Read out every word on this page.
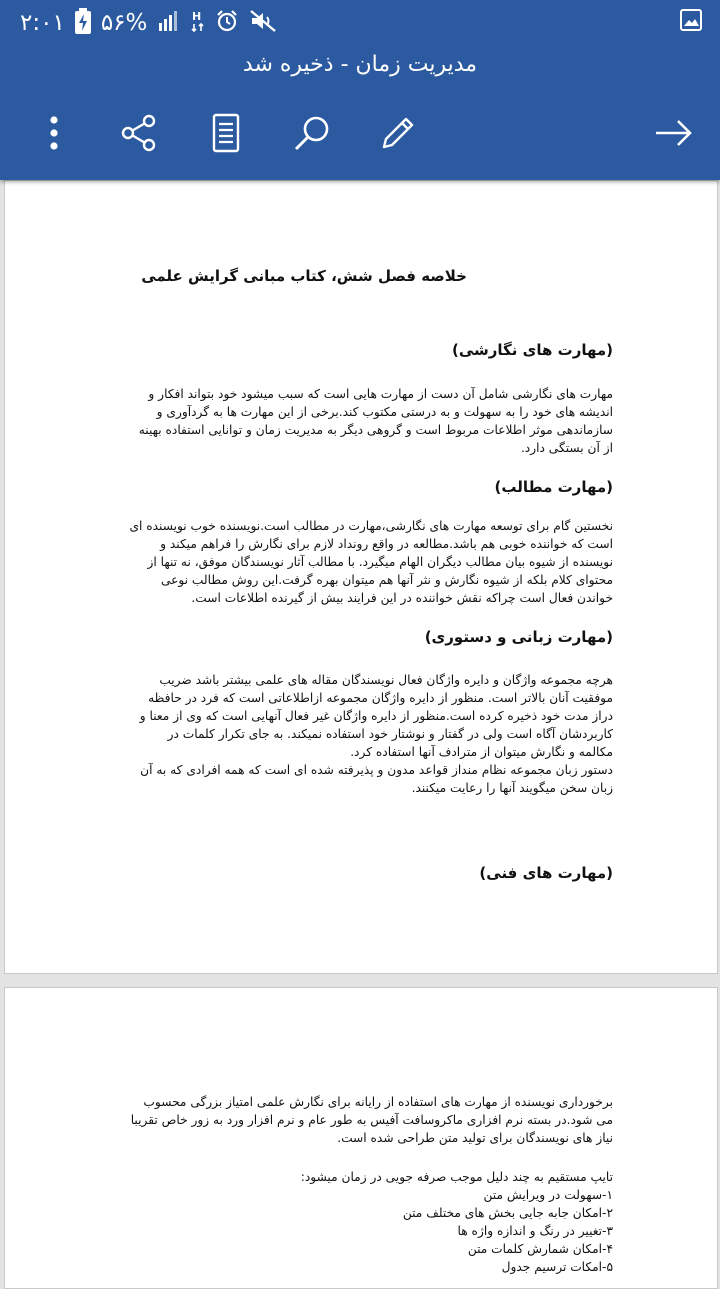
۲:۰۱ ۵۶%	H
مدیریت زمان - ذخیره شد
خلاصه فصل شش، کتاب مبانی گرایش علمی
(مهارت های نگارشی)
مهارت های نگارشی شامل آن دست از مهارت هایی است که سبب میشود خود بتواند افکار و
اندیشه های خود را به سهولت و به درستی مکتوب کند.برخی از این مهارت ها به گردآوری و
سازماندهی موثر اطلاعات مربوط است و گروهی دیگر به مدیریت زمان و توانایی استفاده بهینه
از آن بستگی دارد.
(مهارت مطالب)
نخستین گام برای توسعه مهارت های نگارشی،مهارت در مطالب است.نویسنده خوب نویسنده ای
است که خواننده خوبی هم باشد.مطالعه در واقع رونداد لازم برای نگارش را فراهم میکند و
نویسنده از شیوه بیان مطالب دیگران الهام میگیرد. با مطالب آثار نویسندگان موفق، نه تنها از
محتوای کلام بلکه از شیوه نگارش و نثر آنها هم میتوان بهره گرفت.این روش مطالب نوعی
خواندن فعال است چراکه نقش خواننده در این فرایند بیش از گیرنده اطلاعات است.
(مهارت زبانی و دستوری)
هرچه مجموعه واژگان و دایره واژگان فعال نویسندگان مقاله های علمی بیشتر باشد ضریب
موفقیت آنان بالاتر است. منظور از دایره واژگان مجموعه ازاطلاعاتی است که فرد در حافظه
دراز مدت خود ذخیره کرده است.منظور از دایره واژگان غیر فعال آنهایی است که وی از معنا و
کاربردشان آگاه است ولی در گفتار و نوشتار خود استفاده نمیکند. به جای تکرار کلمات در
مکالمه و نگارش میتوان از مترادف آنها استفاده کرد.
دستور زبان مجموعه نظام منداز قواعد مدون و پذیرفته شده ای است که همه افرادی که به آن
زبان سخن میگویند آنها را رعایت میکنند.
(مهارت های فنی)
برخورداری نویسنده از مهارت های استفاده از رایانه برای نگارش علمی امتیاز بزرگی محسوب
می شود.در بسته نرم افزاری ماکروسافت آفیس به طور عام و نرم افزار ورد به زور خاص تقریبا
نیاز های نویسندگان برای تولید متن طراحی شده است.
تایپ مستقیم به چند دلیل موجب صرفه جویی در زمان میشود:
۱-سهولت در ویرایش متن
۲-امکان جابه جایی بخش های مختلف متن
۳-تغییر در رنگ و اندازه واژه ها
۴-امکان شمارش کلمات متن
۵-امکات ترسیم جدول
